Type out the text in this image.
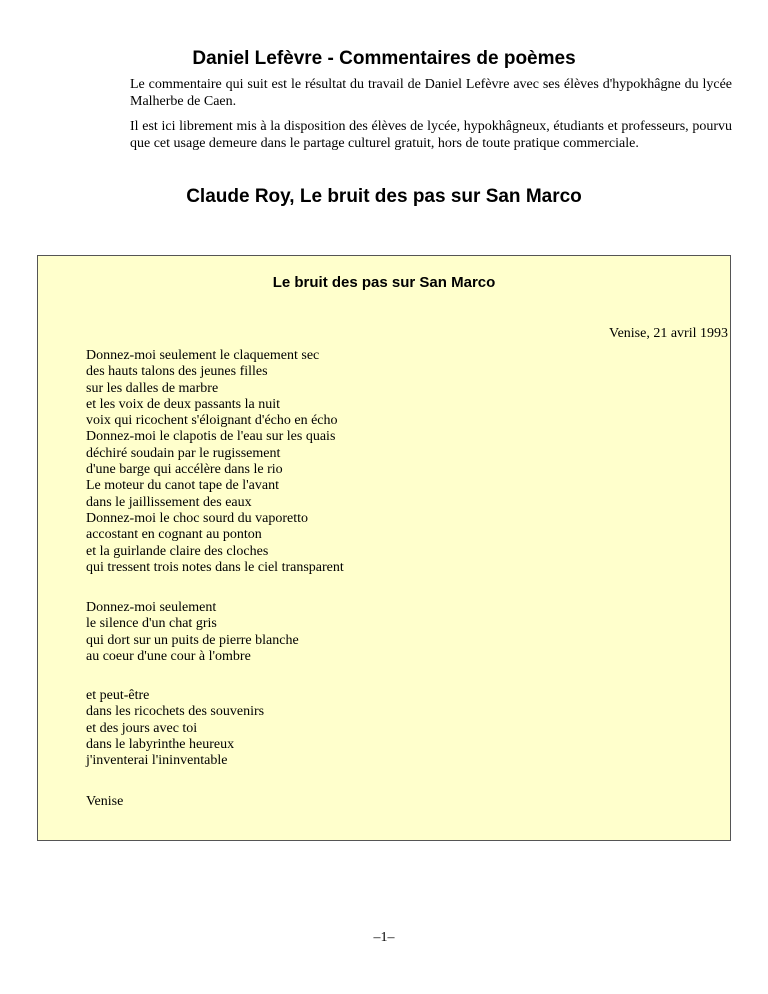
Daniel Lefèvre - Commentaires de poèmes

Le commentaire qui suit est le résultat du travail de Daniel Lefèvre avec ses élèves d'hypokhâgne du lycée Malherbe de Caen.

Il est ici librement mis à la disposition des élèves de lycée, hypokhâgneux, étudiants et professeurs, pourvu que cet usage demeure dans le partage culturel gratuit, hors de toute pratique commerciale.

Claude Roy, Le bruit des pas sur San Marco
Le bruit des pas sur San Marco

Venise, 21 avril 1993

Donnez-moi seulement le claquement sec
des hauts talons des jeunes filles
sur les dalles de marbre
et les voix de deux passants la nuit
voix qui ricochent s'éloignant d'écho en écho
Donnez-moi le clapotis de l'eau sur les quais
déchiré soudain par le rugissement
d'une barge qui accélère dans le rio
Le moteur du canot tape de l'avant
dans le jaillissement des eaux
Donnez-moi le choc sourd du vaporetto
accostant en cognant au ponton
et la guirlande claire des cloches
qui tressent trois notes dans le ciel transparent
Donnez-moi seulement
le silence d'un chat gris
qui dort sur un puits de pierre blanche
au coeur d'une cour à l'ombre
et peut-être
dans les ricochets des souvenirs
et des jours avec toi
dans le labyrinthe heureux
j'inventerai l'ininventable

Venise

–1–
